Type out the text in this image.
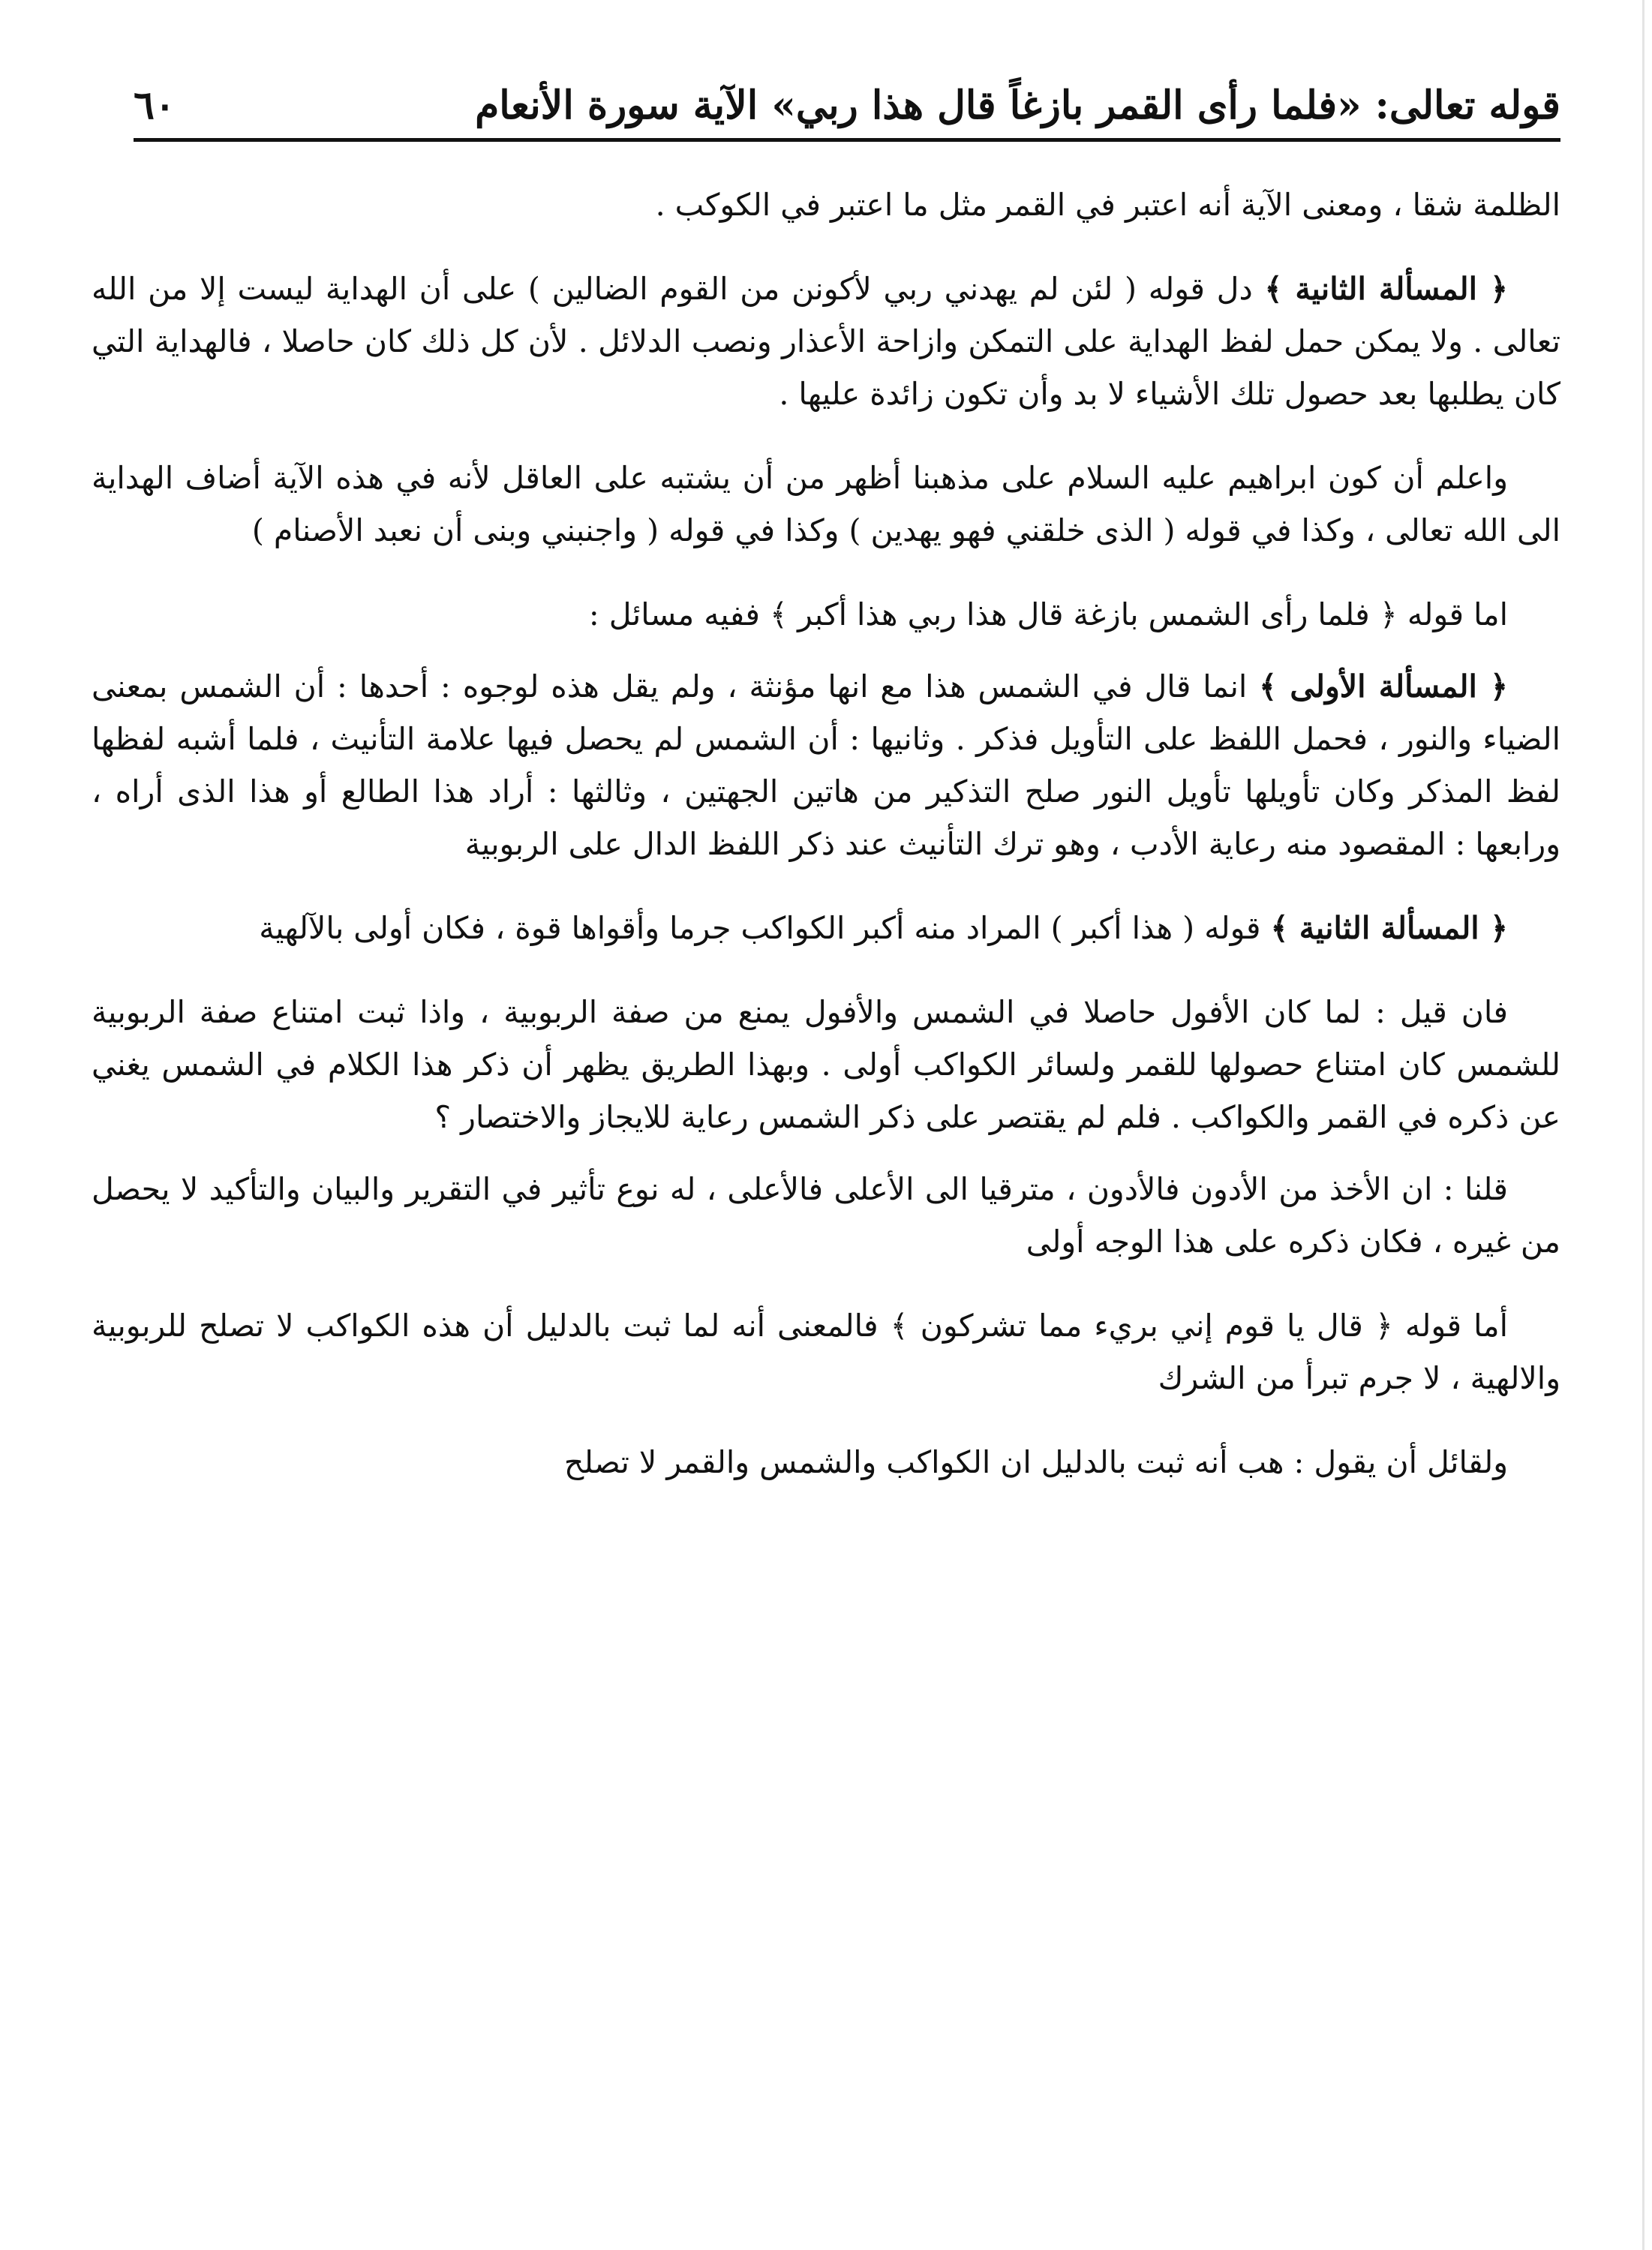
قوله تعالى: «فلما رأى القمر بازغاً قال هذا ربي» الآية سورة الأنعام
٦٠

الظلمة شقا ، ومعنى الآية أنه اعتبر في القمر مثل ما اعتبر في الكوكب .

﴿ المسألة الثانية ﴾ دل قوله ( لئن لم يهدني ربي لأكونن من القوم الضالين ) على أن الهداية ليست إلا من الله تعالى . ولا يمكن حمل لفظ الهداية على التمكن وازاحة الأعذار ونصب الدلائل . لأن كل ذلك كان حاصلا ، فالهداية التي كان يطلبها بعد حصول تلك الأشياء لا بد وأن تكون زائدة عليها .

واعلم أن كون ابراهيم عليه السلام على مذهبنا أظهر من أن يشتبه على العاقل لأنه في هذه الآية أضاف الهداية الى الله تعالى ، وكذا في قوله ( الذى خلقني فهو يهدين ) وكذا في قوله ( واجنبني وبنى أن نعبد الأصنام )

اما قوله ﴿ فلما رأى الشمس بازغة قال هذا ربي هذا أكبر ﴾ ففيه مسائل :

﴿ المسألة الأولى ﴾ انما قال في الشمس هذا مع انها مؤنثة ، ولم يقل هذه لوجوه : أحدها : أن الشمس بمعنى الضياء والنور ، فحمل اللفظ على التأويل فذكر . وثانيها : أن الشمس لم يحصل فيها علامة التأنيث ، فلما أشبه لفظها لفظ المذكر وكان تأويلها تأويل النور صلح التذكير من هاتين الجهتين ، وثالثها : أراد هذا الطالع أو هذا الذى أراه ، ورابعها : المقصود منه رعاية الأدب ، وهو ترك التأنيث عند ذكر اللفظ الدال على الربوبية

﴿ المسألة الثانية ﴾ قوله ( هذا أكبر ) المراد منه أكبر الكواكب جرما وأقواها قوة ، فكان أولى بالآلهية

فان قيل : لما كان الأفول حاصلا في الشمس والأفول يمنع من صفة الربوبية ، واذا ثبت امتناع صفة الربوبية للشمس كان امتناع حصولها للقمر ولسائر الكواكب أولى . وبهذا الطريق يظهر أن ذكر هذا الكلام في الشمس يغني عن ذكره في القمر والكواكب . فلم لم يقتصر على ذكر الشمس رعاية للايجاز والاختصار ؟

قلنا : ان الأخذ من الأدون فالأدون ، مترقيا الى الأعلى فالأعلى ، له نوع تأثير في التقرير والبيان والتأكيد لا يحصل من غيره ، فكان ذكره على هذا الوجه أولى

أما قوله ﴿ قال يا قوم إني بريء مما تشركون ﴾ فالمعنى أنه لما ثبت بالدليل أن هذه الكواكب لا تصلح للربوبية والالهية ، لا جرم تبرأ من الشرك

ولقائل أن يقول : هب أنه ثبت بالدليل ان الكواكب والشمس والقمر لا تصلح
